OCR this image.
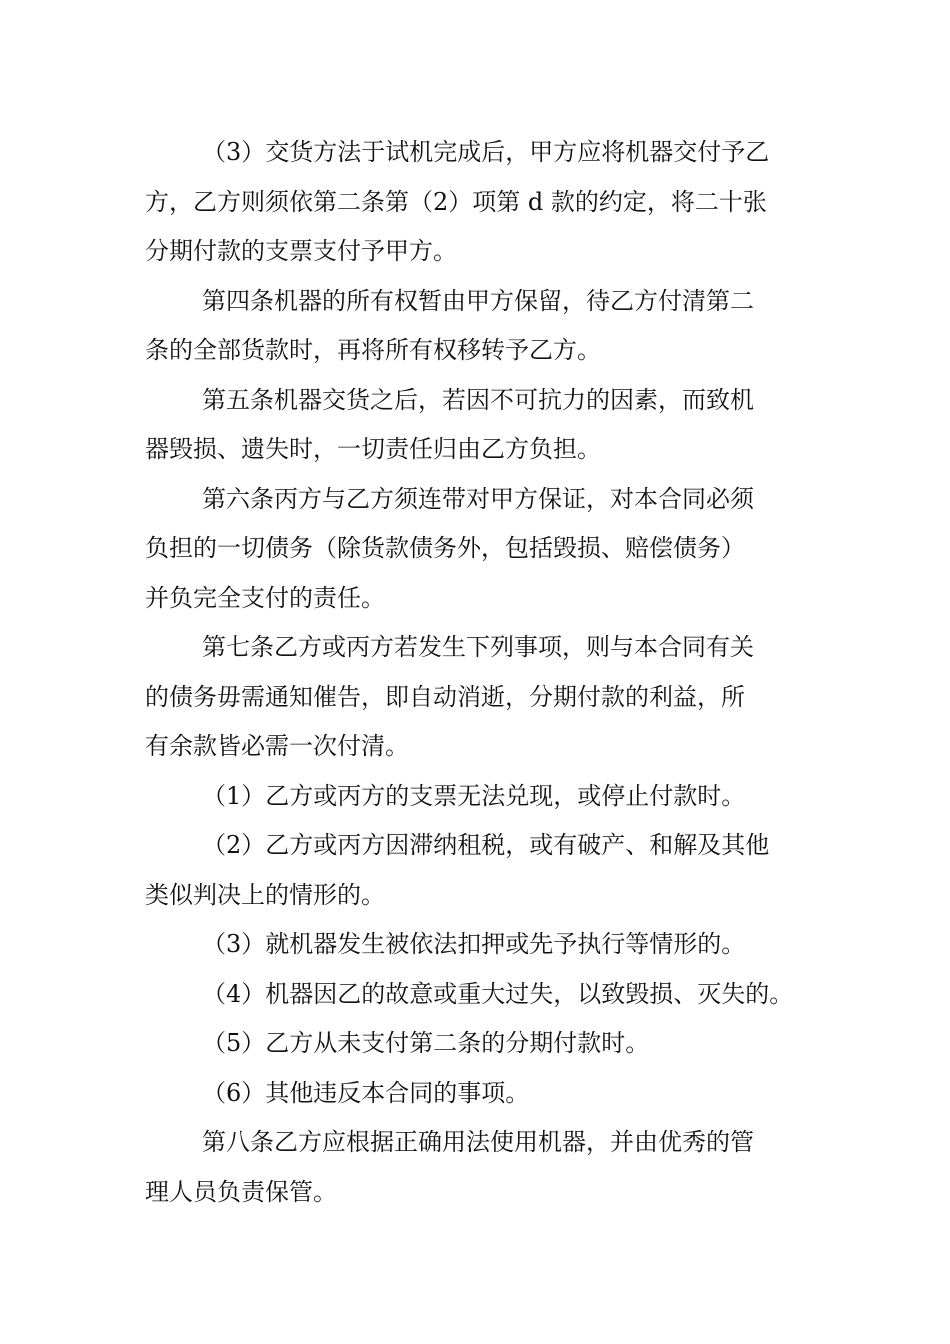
（3）交货方法于试机完成后，甲方应将机器交付予乙
方，乙方则须依第二条第（2）项第 d 款的约定，将二十张
分期付款的支票支付予甲方。
第四条机器的所有权暂由甲方保留，待乙方付清第二
条的全部货款时，再将所有权移转予乙方。
第五条机器交货之后，若因不可抗力的因素，而致机
器毁损、遗失时，一切责任归由乙方负担。
第六条丙方与乙方须连带对甲方保证，对本合同必须
负担的一切债务（除货款债务外，包括毁损、赔偿债务）
并负完全支付的责任。
第七条乙方或丙方若发生下列事项，则与本合同有关
的债务毋需通知催告，即自动消逝，分期付款的利益，所
有余款皆必需一次付清。
（1）乙方或丙方的支票无法兑现，或停止付款时。
（2）乙方或丙方因滞纳租税，或有破产、和解及其他
类似判决上的情形的。
（3）就机器发生被依法扣押或先予执行等情形的。
（4）机器因乙的故意或重大过失，以致毁损、灭失的。
（5）乙方从未支付第二条的分期付款时。
（6）其他违反本合同的事项。
第八条乙方应根据正确用法使用机器，并由优秀的管
理人员负责保管。
